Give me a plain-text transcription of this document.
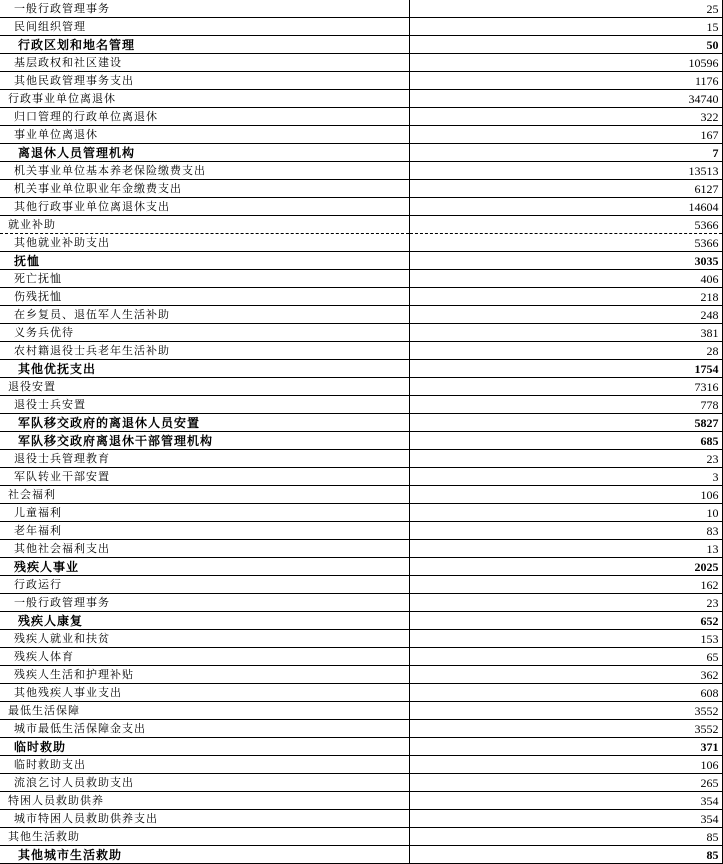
一般行政管理事务	25
民间组织管理	15
行政区划和地名管理	50
基层政权和社区建设	10596
其他民政管理事务支出	1176
行政事业单位离退休	34740
归口管理的行政单位离退休	322
事业单位离退休	167
离退休人员管理机构	7
机关事业单位基本养老保险缴费支出	13513
机关事业单位职业年金缴费支出	6127
其他行政事业单位离退休支出	14604
就业补助	5366
其他就业补助支出	5366
抚恤	3035
死亡抚恤	406
伤残抚恤	218
在乡复员、退伍军人生活补助	248
义务兵优待	381
农村籍退役士兵老年生活补助	28
其他优抚支出	1754
退役安置	7316
退役士兵安置	778
军队移交政府的离退休人员安置	5827
军队移交政府离退休干部管理机构	685
退役士兵管理教育	23
军队转业干部安置	3
社会福利	106
儿童福利	10
老年福利	83
其他社会福利支出	13
残疾人事业	2025
行政运行	162
一般行政管理事务	23
残疾人康复	652
残疾人就业和扶贫	153
残疾人体育	65
残疾人生活和护理补贴	362
其他残疾人事业支出	608
最低生活保障	3552
城市最低生活保障金支出	3552
临时救助	371
临时救助支出	106
流浪乞讨人员救助支出	265
特困人员救助供养	354
城市特困人员救助供养支出	354
其他生活救助	85
其他城市生活救助	85
